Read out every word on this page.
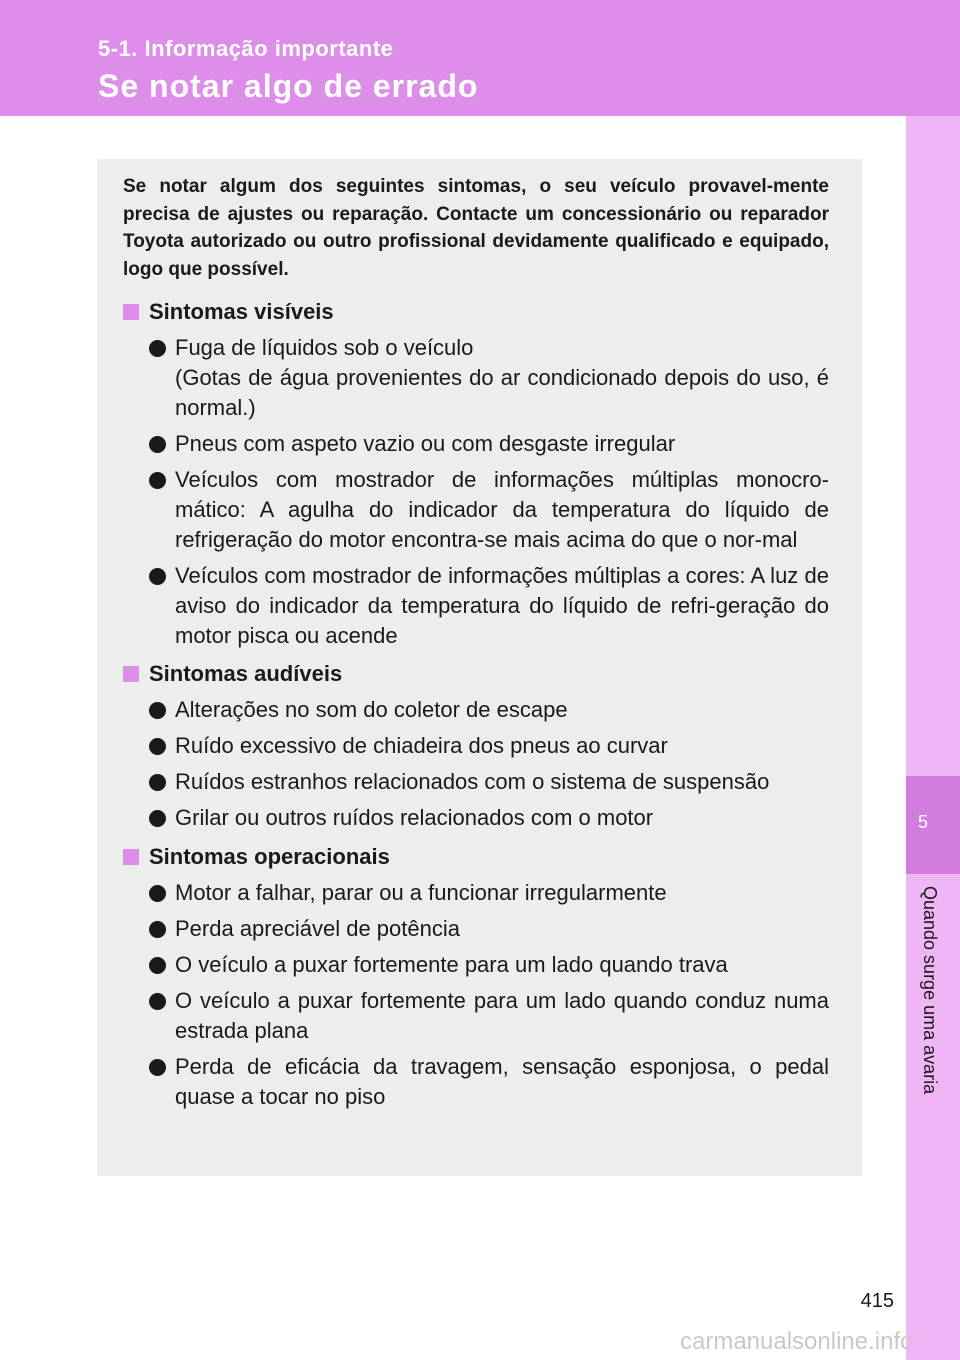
5-1. Informação importante
Se notar algo de errado
5
Quando surge uma avaria

Se notar algum dos seguintes sintomas, o seu veículo provavel-mente precisa de ajustes ou reparação. Contacte um concessionário ou reparador Toyota autorizado ou outro profissional devidamente qualificado e equipado, logo que possível.

Sintomas visíveis
Fuga de líquidos sob o veículo
(Gotas de água provenientes do ar condicionado depois do uso, é normal.)
Pneus com aspeto vazio ou com desgaste irregular
Veículos com mostrador de informações múltiplas monocro-mático: A agulha do indicador da temperatura do líquido de refrigeração do motor encontra-se mais acima do que o nor-mal
Veículos com mostrador de informações múltiplas a cores: A luz de aviso do indicador da temperatura do líquido de refri-geração do motor pisca ou acende
Sintomas audíveis
Alterações no som do coletor de escape
Ruído excessivo de chiadeira dos pneus ao curvar
Ruídos estranhos relacionados com o sistema de suspensão
Grilar ou outros ruídos relacionados com o motor
Sintomas operacionais
Motor a falhar, parar ou a funcionar irregularmente
Perda apreciável de potência
O veículo a puxar fortemente para um lado quando trava
O veículo a puxar fortemente para um lado quando conduz numa estrada plana
Perda de eficácia da travagem, sensação esponjosa, o pedal quase a tocar no piso
415
carmanualsonline.info
